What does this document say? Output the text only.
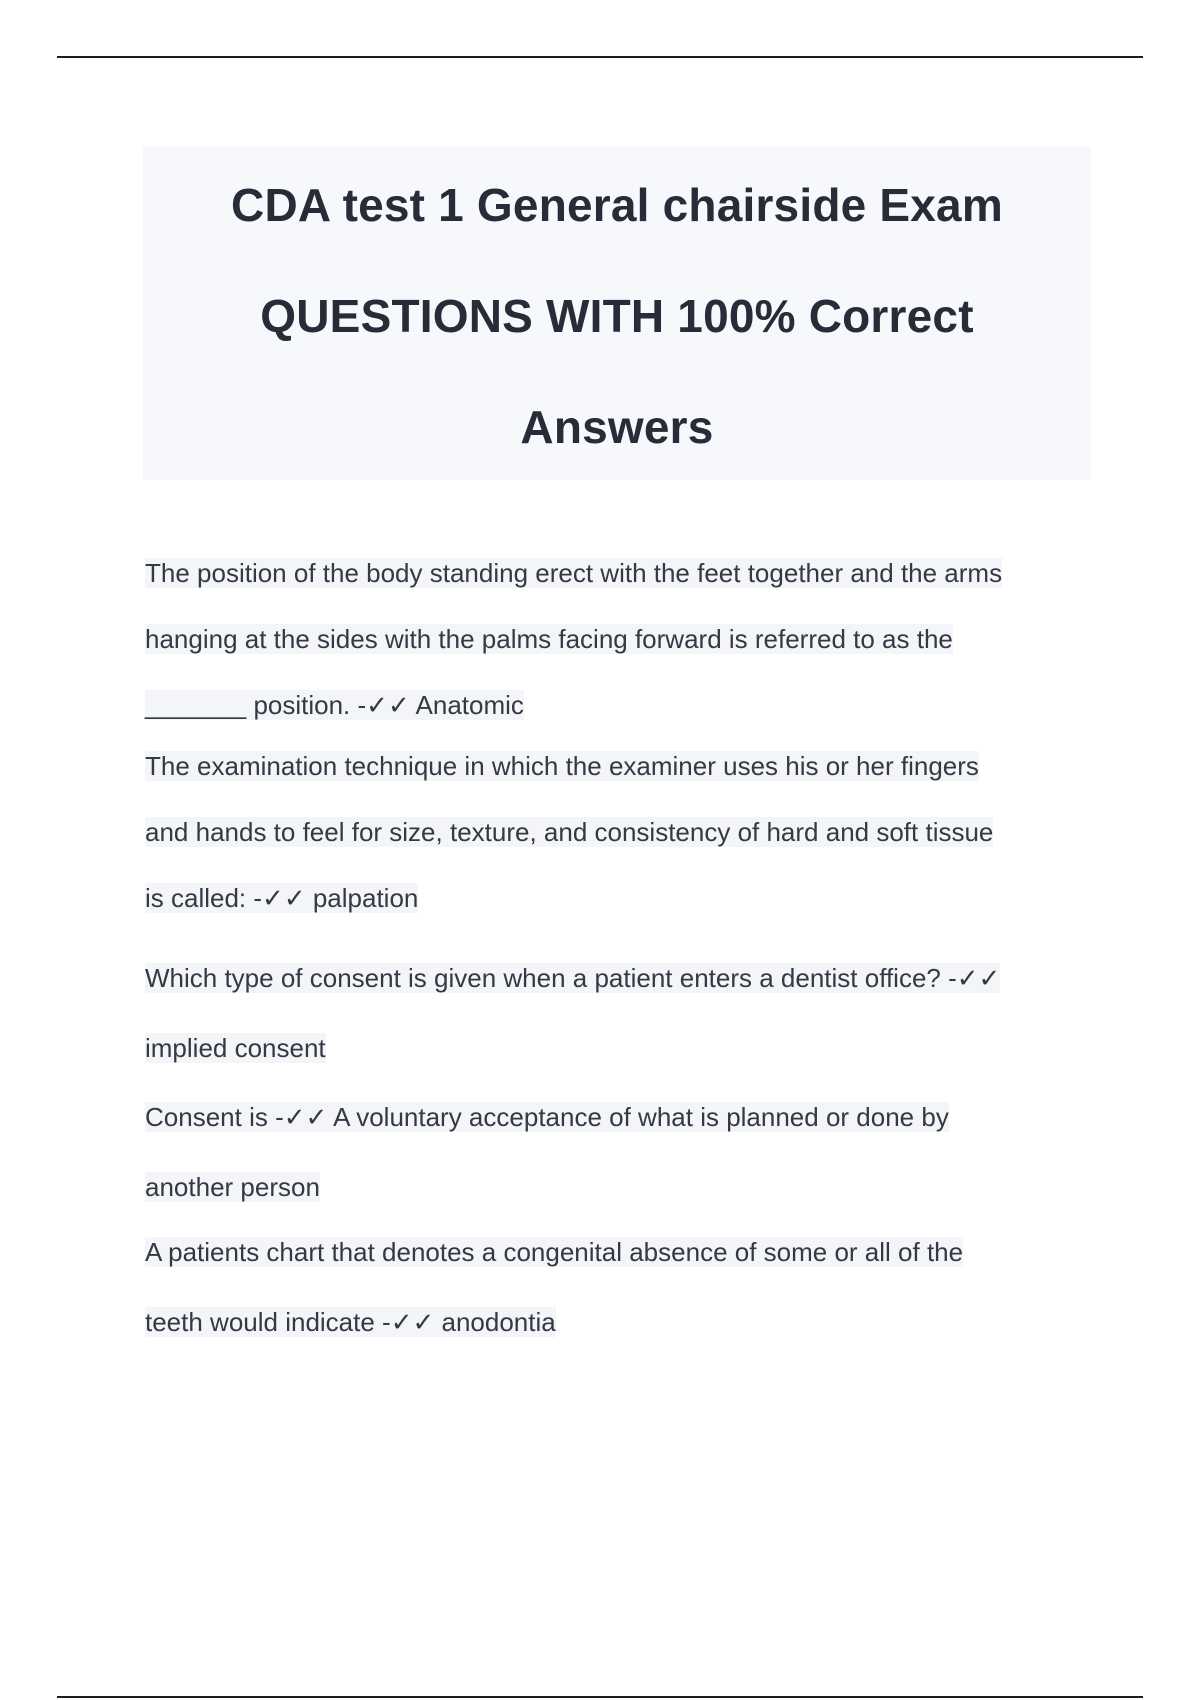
CDA test 1 General chairside Exam
QUESTIONS WITH 100% Correct
Answers
The position of the body standing erect with the feet together and the arms
hanging at the sides with the palms facing forward is referred to as the
_______ position. -✓✓ Anatomic
The examination technique in which the examiner uses his or her fingers
and hands to feel for size, texture, and consistency of hard and soft tissue
is called: -✓✓ palpation
Which type of consent is given when a patient enters a dentist office? -✓✓
implied consent
Consent is -✓✓ A voluntary acceptance of what is planned or done by
another person
A patients chart that denotes a congenital absence of some or all of the
teeth would indicate -✓✓ anodontia
